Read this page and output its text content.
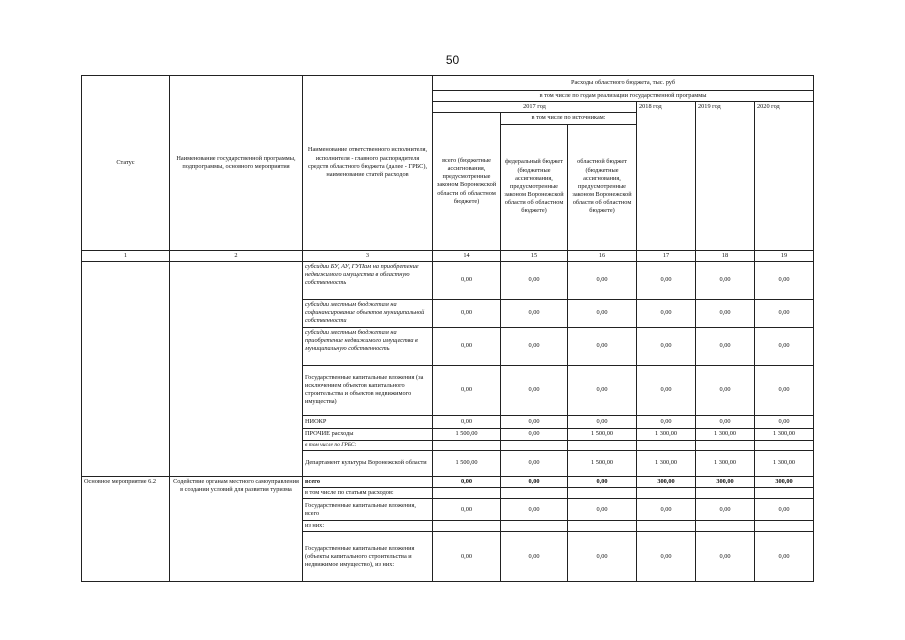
50
Статус	Наименование государственной программы, подпрограммы, основного мероприятия	Наименование ответственного исполнителя, исполнителя - главного распорядителя средств областного бюджета (далее - ГРБС), наименование статей расходов	Расходы областного бюджета, тыс. руб					
			в том числе по годам реализации государственной программы					
			2017 год			2018 год	2019 год	2020 год
			всего (бюджетные ассигнования, предусмотренные законом Воронежской области об областном бюджете)	в том числе по источникам:				
				федеральный бюджет (бюджетные ассигнования, предусмотренные законом Воронежской области об областном бюджете)	областной бюджет (бюджетные ассигнования, предусмотренные законом Воронежской области об областном бюджете)			
1	2	3	14	15	16	17	18	19
		субсидии БУ, АУ, ГУПам на приобретение недвижимого имущества в областную собственность	0,00	0,00	0,00	0,00	0,00	0,00
		субсидии местным бюджетам на софинансирование объектов муниципальной собственности	0,00	0,00	0,00	0,00	0,00	0,00
		субсидии местным бюджетам на приобретение недвижимого имущества в муниципальную собственность	0,00	0,00	0,00	0,00	0,00	0,00
		Государственные капитальные вложения (за исключением объектов капитального строительства и объектов недвижимого имущества)	0,00	0,00	0,00	0,00	0,00	0,00
		НИОКР	0,00	0,00	0,00	0,00	0,00	0,00
		ПРОЧИЕ расходы	1 500,00	0,00	1 500,00	1 300,00	1 300,00	1 300,00
		в том числе по ГРБС:						
		Департамент культуры Воронежской области	1 500,00	0,00	1 500,00	1 300,00	1 300,00	1 300,00
Основное мероприятие 6.2	Содействие органам местного самоуправления в создании условий для развития туризма	всего	0,00	0,00	0,00	300,00	300,00	300,00
		в том числе по статьям расходов:						
		Государственные капитальные вложения, всего	0,00	0,00	0,00	0,00	0,00	0,00
		из них:						
		Государственные капитальные вложения (объекты капитального строительства и недвижимое имущество), из них:	0,00	0,00	0,00	0,00	0,00	0,00
